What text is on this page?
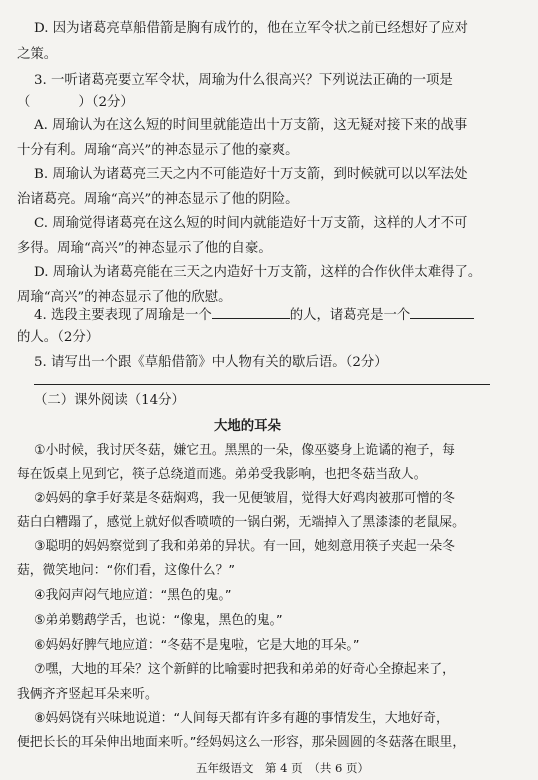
D. 因为诸葛亮草船借箭是胸有成竹的，他在立军令状之前已经想好了应对
之策。
3. 一听诸葛亮要立军令状，周瑜为什么很高兴？下列说法正确的一项是
（	）（2分）
A. 周瑜认为在这么短的时间里就能造出十万支箭，这无疑对接下来的战事
十分有利。周瑜“高兴”的神态显示了他的豪爽。
B. 周瑜认为诸葛亮三天之内不可能造好十万支箭，到时候就可以以军法处
治诸葛亮。周瑜“高兴”的神态显示了他的阴险。
C. 周瑜觉得诸葛亮在这么短的时间内就能造好十万支箭，这样的人才不可
多得。周瑜“高兴”的神态显示了他的自豪。
D. 周瑜认为诸葛亮能在三天之内造好十万支箭，这样的合作伙伴太难得了。
周瑜“高兴”的神态显示了他的欣慰。
4. 选段主要表现了周瑜是一个	的人，诸葛亮是一个
的人。（2分）
5. 请写出一个跟《草船借箭》中人物有关的歇后语。（2分）
（二）课外阅读（14分）
大地的耳朵
①小时候，我讨厌冬菇，嫌它丑。黑黑的一朵，像巫婆身上诡谲的袍子，每
每在饭桌上见到它，筷子总绕道而逃。弟弟受我影响，也把冬菇当敌人。
②妈妈的拿手好菜是冬菇焖鸡，我一见便皱眉，觉得大好鸡肉被那可憎的冬
菇白白糟蹋了，感觉上就好似香喷喷的一锅白粥，无端掉入了黑漆漆的老鼠屎。
③聪明的妈妈察觉到了我和弟弟的异状。有一回，她刻意用筷子夹起一朵冬
菇，微笑地问：“你们看，这像什么？”
④我闷声闷气地应道：“黑色的鬼。”
⑤弟弟鹦鹉学舌，也说：“像鬼，黑色的鬼。”
⑥妈妈好脾气地应道：“冬菇不是鬼啦，它是大地的耳朵。”
⑦嘿，大地的耳朵？这个新鲜的比喻霎时把我和弟弟的好奇心全撩起来了，
我俩齐齐竖起耳朵来听。
⑧妈妈饶有兴味地说道：“人间每天都有许多有趣的事情发生，大地好奇，
便把长长的耳朵伸出地面来听。”经妈妈这么一形容，那朵圆圆的冬菇落在眼里，
五年级语文　第 4 页　（共 6 页）
